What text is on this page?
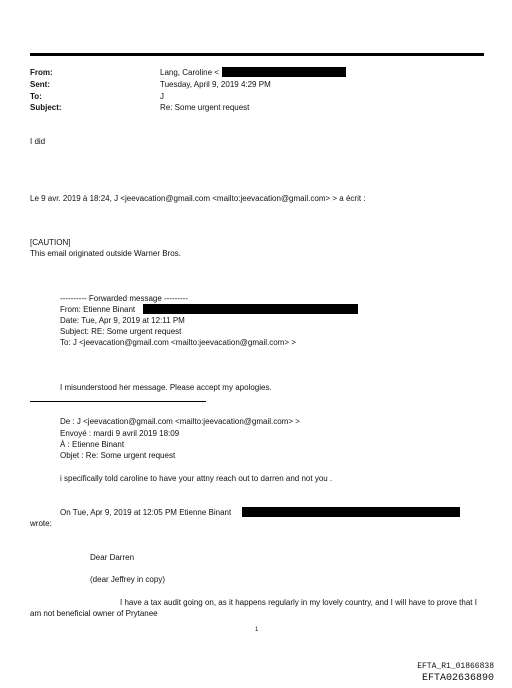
From:	Lang, Caroline <
Sent:	Tuesday, April 9, 2019 4:29 PM
To:	J
Subject:	Re: Some urgent request
I did
Le 9 avr. 2019 à 18:24, J <jeevacation@gmail.com <mailto:jeevacation@gmail.com> > a écrit :
[CAUTION]
This email originated outside Warner Bros.
---------- Forwarded message ---------
From: Etienne Binant
Date: Tue, Apr 9, 2019 at 12:11 PM
Subject: RE: Some urgent request
To: J <jeevacation@gmail.com <mailto:jeevacation@gmail.com> >
I misunderstood her message. Please accept my apologies.
De : J <jeevacation@gmail.com <mailto:jeevacation@gmail.com> >
Envoyé : mardi 9 avril 2019 18:09
À : Etienne Binant
Objet : Re: Some urgent request
i specifically told caroline to have your attny reach out to darren and not you .
On Tue, Apr 9, 2019 at 12:05 PM Etienne Binant
wrote:
Dear Darren
(dear Jeffrey in copy)
I have a tax audit going on, as it happens regularly in my lovely country, and I will have to prove that I
am not beneficial owner of Prytanee
1
EFTA_R1_01866838
EFTA02636890
